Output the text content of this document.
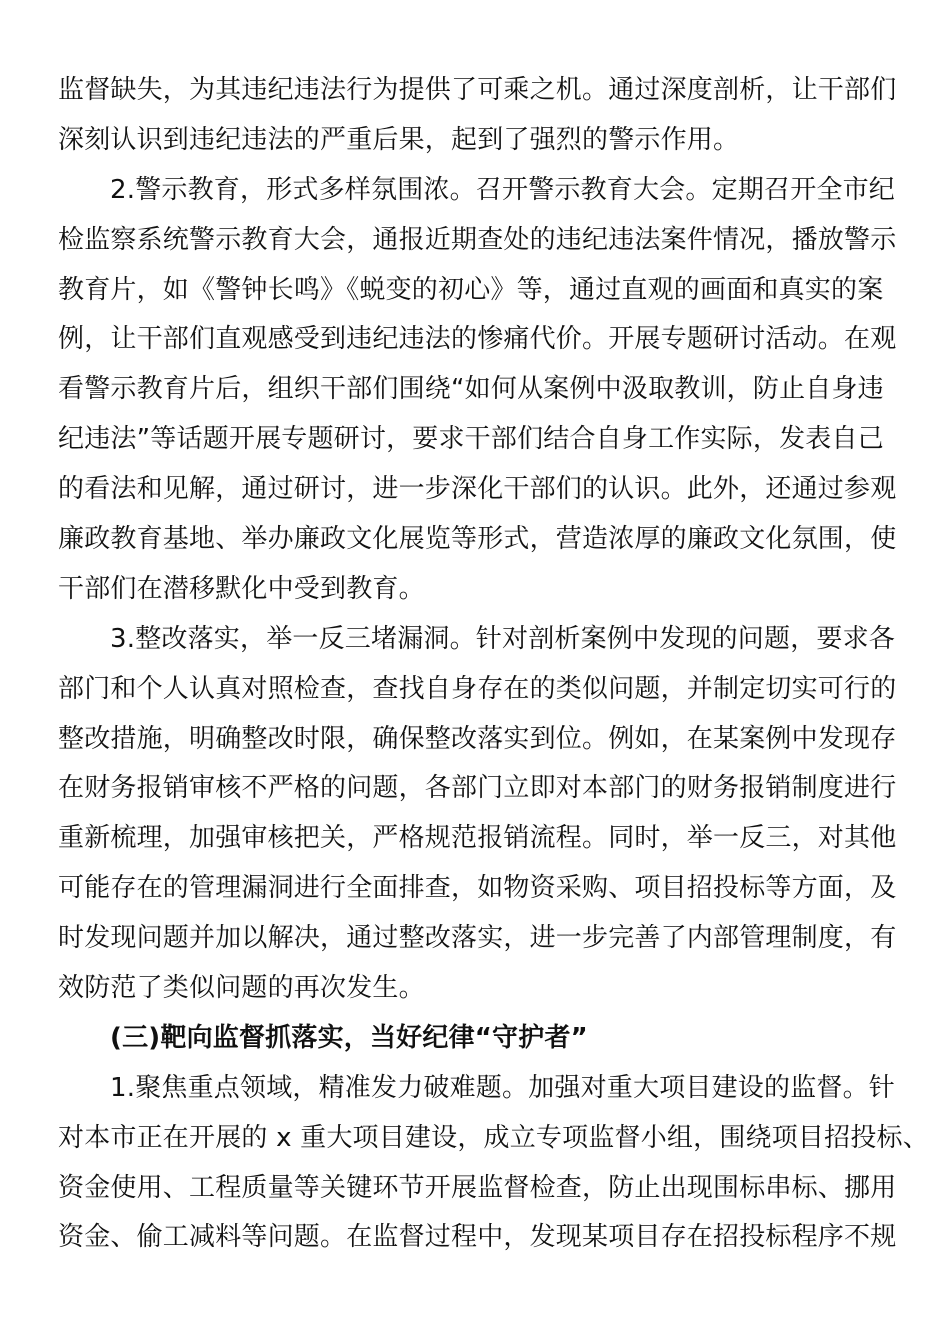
监督缺失，为其违纪违法行为提供了可乘之机。通过深度剖析，让干部们
深刻认识到违纪违法的严重后果，起到了强烈的警示作用。
2.警示教育，形式多样氛围浓。召开警示教育大会。定期召开全市纪
检监察系统警示教育大会，通报近期查处的违纪违法案件情况，播放警示
教育片，如《警钟长鸣》《蜕变的初心》等，通过直观的画面和真实的案
例，让干部们直观感受到违纪违法的惨痛代价。开展专题研讨活动。在观
看警示教育片后，组织干部们围绕“如何从案例中汲取教训，防止自身违
纪违法”等话题开展专题研讨，要求干部们结合自身工作实际，发表自己
的看法和见解，通过研讨，进一步深化干部们的认识。此外，还通过参观
廉政教育基地、举办廉政文化展览等形式，营造浓厚的廉政文化氛围，使
干部们在潜移默化中受到教育。
3.整改落实，举一反三堵漏洞。针对剖析案例中发现的问题，要求各
部门和个人认真对照检查，查找自身存在的类似问题，并制定切实可行的
整改措施，明确整改时限，确保整改落实到位。例如，在某案例中发现存
在财务报销审核不严格的问题，各部门立即对本部门的财务报销制度进行
重新梳理，加强审核把关，严格规范报销流程。同时，举一反三，对其他
可能存在的管理漏洞进行全面排查，如物资采购、项目招投标等方面，及
时发现问题并加以解决，通过整改落实，进一步完善了内部管理制度，有
效防范了类似问题的再次发生。
(三)靶向监督抓落实，当好纪律“守护者”
1.聚焦重点领域，精准发力破难题。加强对重大项目建设的监督。针
对本市正在开展的 x 重大项目建设，成立专项监督小组，围绕项目招投标、
资金使用、工程质量等关键环节开展监督检查，防止出现围标串标、挪用
资金、偷工减料等问题。在监督过程中，发现某项目存在招投标程序不规
